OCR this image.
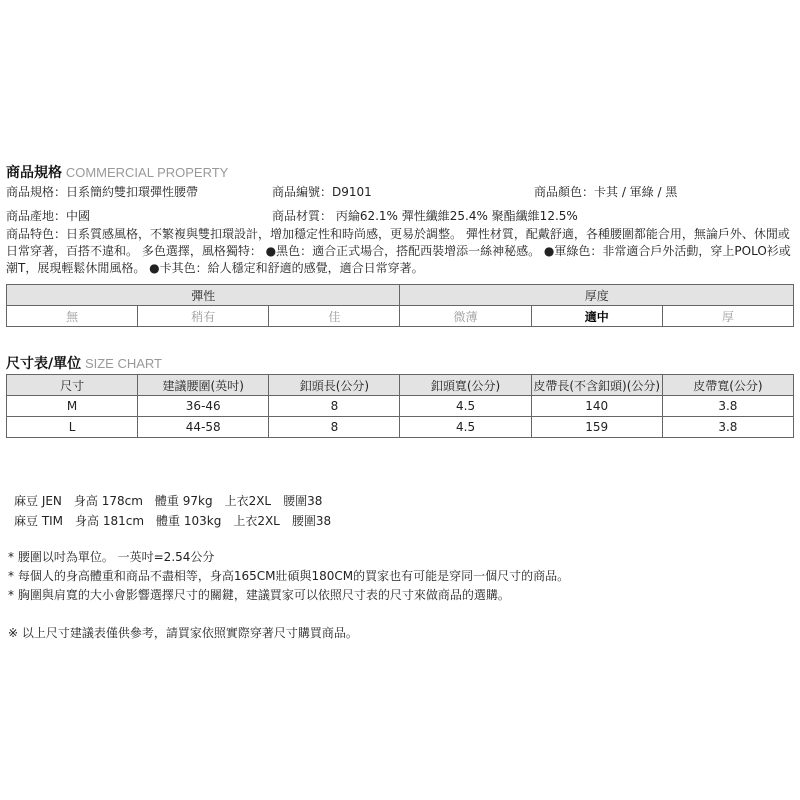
商品規格 COMMERCIAL PROPERTY
商品規格：日系簡約雙扣環彈性腰帶	商品編號：D9101	商品顏色：卡其 / 軍綠 / 黑
商品產地：中國	商品材質： 丙綸62.1% 彈性纖維25.4% 聚酯纖維12.5%
商品特色：日系質感風格，不繁複與雙扣環設計，增加穩定性和時尚感，更易於調整。 彈性材質，配戴舒適，各種腰圍都能合用，無論戶外、休閒或日常穿著，百搭不違和。 多色選擇，風格獨特： ●黑色：適合正式場合，搭配西裝增添一絲神秘感。 ●軍綠色：非常適合戶外活動，穿上POLO衫或潮T，展現輕鬆休閒風格。 ●卡其色：給人穩定和舒適的感覺，適合日常穿著。
彈性			厚度		
無	稍有	佳	微薄	適中	厚
尺寸表/單位 SIZE CHART
尺寸	建議腰圍(英吋)	釦頭長(公分)	釦頭寬(公分)	皮帶長(不含釦頭)(公分)	皮帶寬(公分)
M	36-46	8	4.5	140	3.8
L	44-58	8	4.5	159	3.8
麻豆 JEN　身高 178cm　體重 97kg　上衣2XL　腰圍38
麻豆 TIM　身高 181cm　體重 103kg　上衣2XL　腰圍38
* 腰圍以吋為單位。 一英吋=2.54公分
* 每個人的身高體重和商品不盡相等，身高165CM壯碩與180CM的買家也有可能是穿同一個尺寸的商品。
* 胸圍與肩寬的大小會影響選擇尺寸的關鍵，建議買家可以依照尺寸表的尺寸來做商品的選購。
※ 以上尺寸建議表僅供參考，請買家依照實際穿著尺寸購買商品。
